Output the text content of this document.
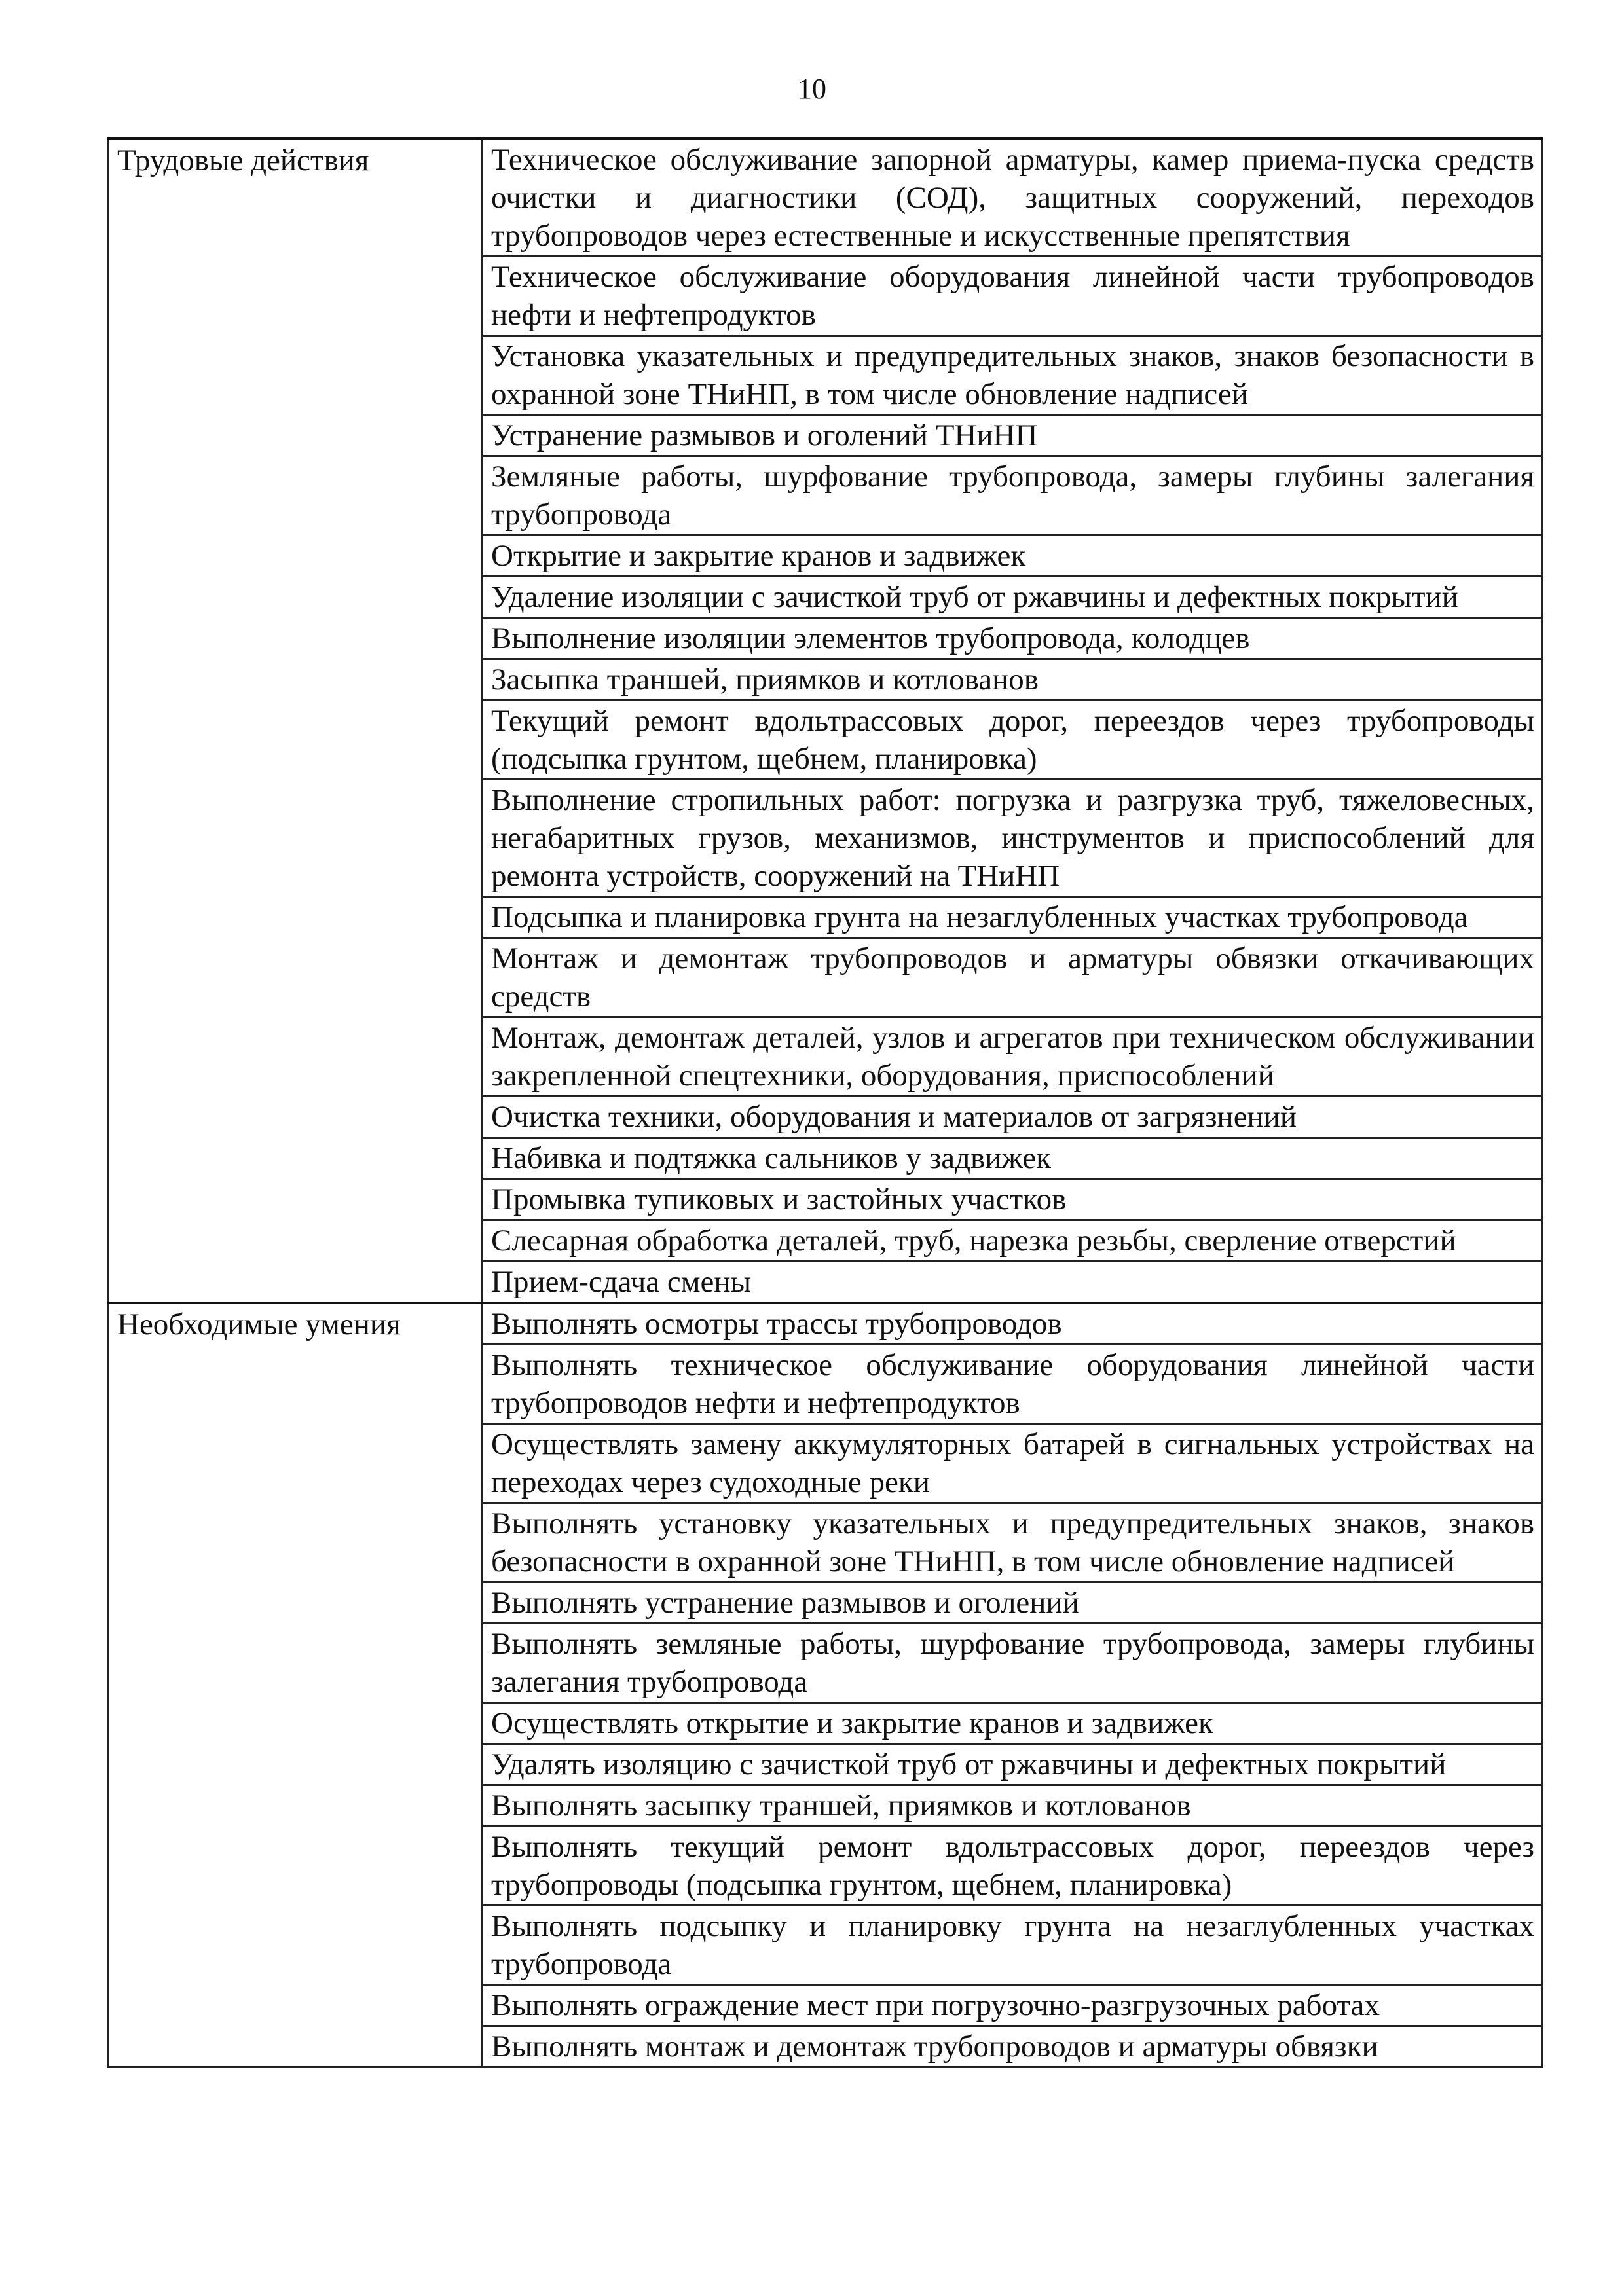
10
Трудовые действия	Техническое обслуживание запорной арматуры, камер приема-пуска средств очистки и диагностики (СОД), защитных сооружений, переходов трубопроводов через естественные и искусственные препятствия
	Техническое обслуживание оборудования линейной части трубопроводов нефти и нефтепродуктов
	Установка указательных и предупредительных знаков, знаков безопасности в охранной зоне ТНиНП, в том числе обновление надписей
	Устранение размывов и оголений ТНиНП
	Земляные работы, шурфование трубопровода, замеры глубины залегания трубопровода
	Открытие и закрытие кранов и задвижек
	Удаление изоляции с зачисткой труб от ржавчины и дефектных покрытий
	Выполнение изоляции элементов трубопровода, колодцев
	Засыпка траншей, приямков и котлованов
	Текущий ремонт вдольтрассовых дорог, переездов через трубопроводы (подсыпка грунтом, щебнем, планировка)
	Выполнение стропильных работ: погрузка и разгрузка труб, тяжеловесных, негабаритных грузов, механизмов, инструментов и приспособлений для ремонта устройств, сооружений на ТНиНП
	Подсыпка и планировка грунта на незаглубленных участках трубопровода
	Монтаж и демонтаж трубопроводов и арматуры обвязки откачивающих средств
	Монтаж, демонтаж деталей, узлов и агрегатов при техническом обслуживании закрепленной спецтехники, оборудования, приспособлений
	Очистка техники, оборудования и материалов от загрязнений
	Набивка и подтяжка сальников у задвижек
	Промывка тупиковых и застойных участков
	Слесарная обработка деталей, труб, нарезка резьбы, сверление отверстий
	Прием-сдача смены
Необходимые умения	Выполнять осмотры трассы трубопроводов
	Выполнять техническое обслуживание оборудования линейной части трубопроводов нефти и нефтепродуктов
	Осуществлять замену аккумуляторных батарей в сигнальных устройствах на переходах через судоходные реки
	Выполнять установку указательных и предупредительных знаков, знаков безопасности в охранной зоне ТНиНП, в том числе обновление надписей
	Выполнять устранение размывов и оголений
	Выполнять земляные работы, шурфование трубопровода, замеры глубины залегания трубопровода
	Осуществлять открытие и закрытие кранов и задвижек
	Удалять изоляцию с зачисткой труб от ржавчины и дефектных покрытий
	Выполнять засыпку траншей, приямков и котлованов
	Выполнять текущий ремонт вдольтрассовых дорог, переездов через трубопроводы (подсыпка грунтом, щебнем, планировка)
	Выполнять подсыпку и планировку грунта на незаглубленных участках трубопровода
	Выполнять ограждение мест при погрузочно-разгрузочных работах
	Выполнять монтаж и демонтаж трубопроводов и арматуры обвязки
